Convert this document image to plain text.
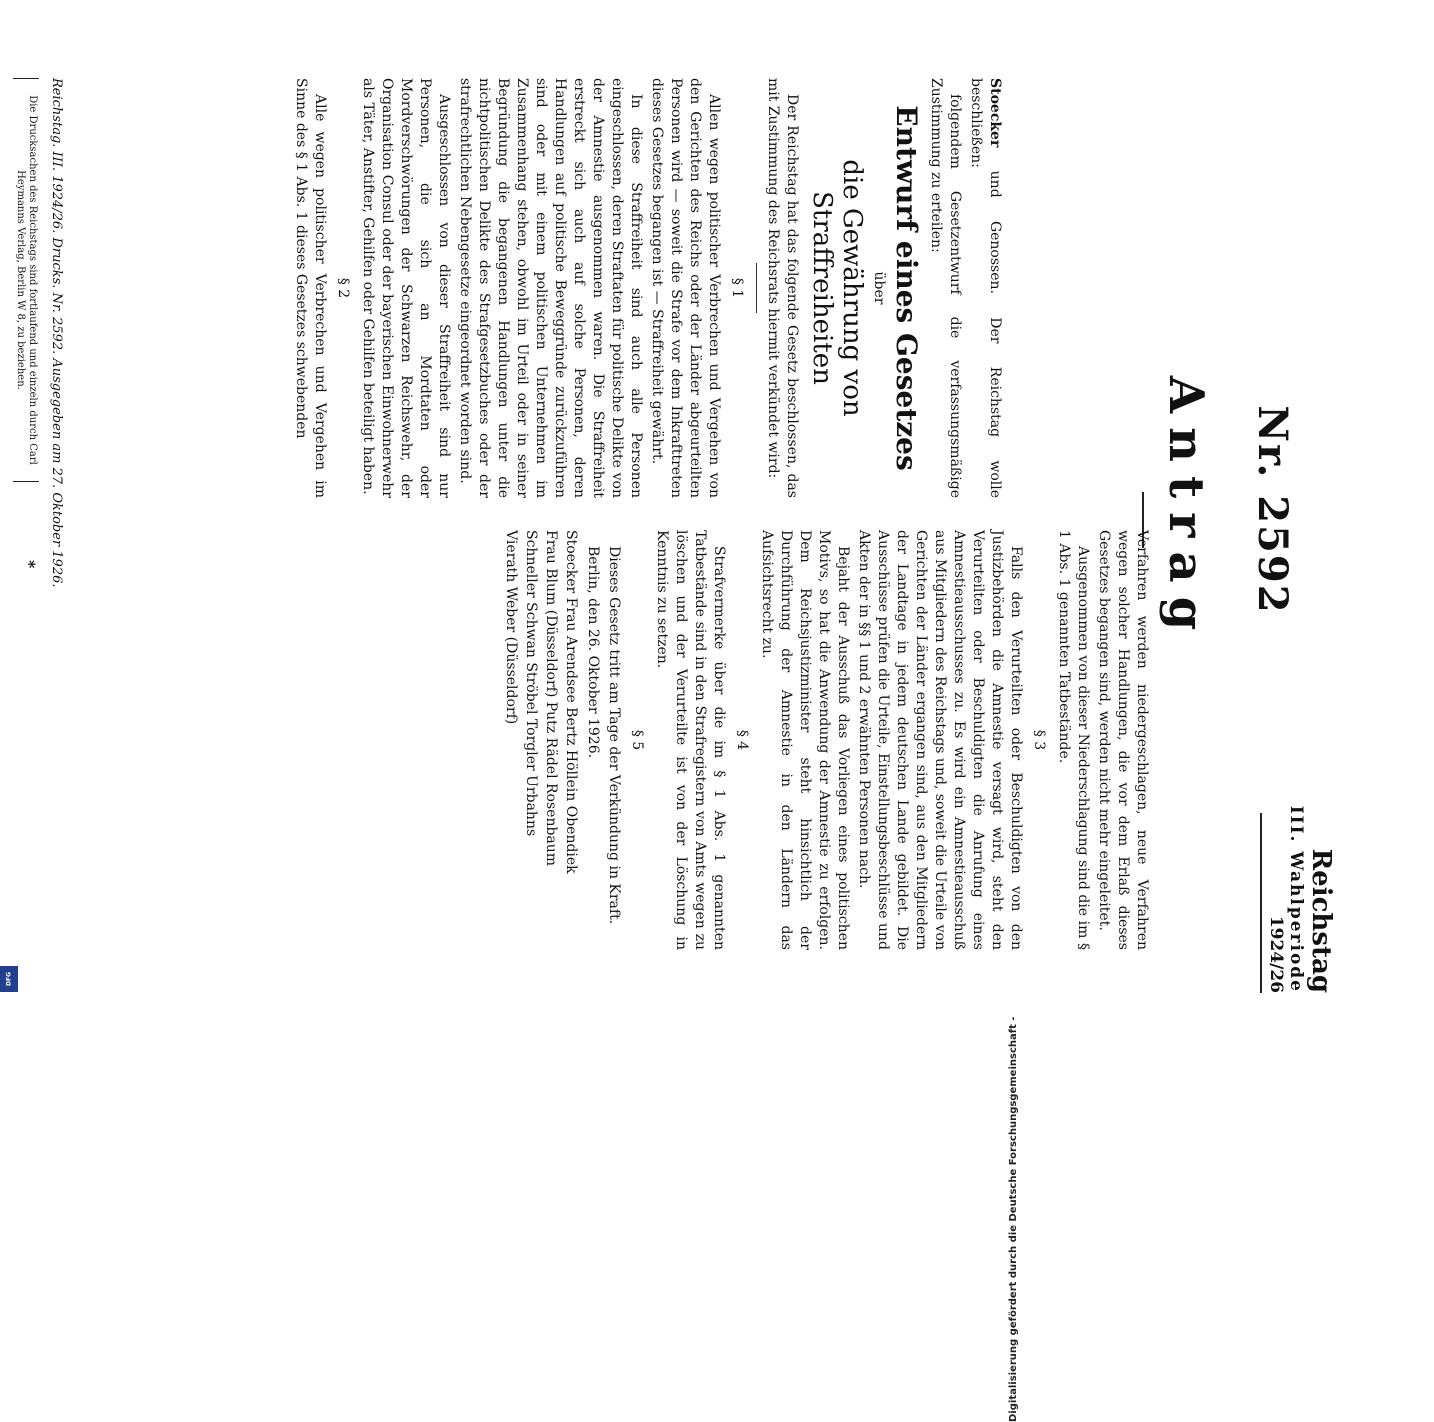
Nr. 2592
Antrag
Reichstag
III. Wahlperiode
1924/26

Stoecker und Genossen. Der Reichstag wolle beschließen:

folgendem Gesetzentwurf die verfassungsmäßige Zustimmung zu erteilen:

Entwurf eines Gesetzes
über
die Gewährung von Straffreiheiten

Der Reichstag hat das folgende Gesetz beschlossen, das mit Zustimmung des Reichsrats hiermit verkündet wird:

§ 1

Allen wegen politischer Verbrechen und Vergehen von den Gerichten des Reichs oder der Länder abgeurteilten Personen wird — soweit die Strafe vor dem Inkrafttreten dieses Gesetzes begangen ist — Straffreiheit gewährt.

In diese Straffreiheit sind auch alle Personen eingeschlossen, deren Straftaten für politische Delikte von der Amnestie ausgenommen waren. Die Straffreiheit erstreckt sich auch auf solche Personen, deren Handlungen auf politische Beweggründe zurückzuführen sind oder mit einem politischen Unternehmen im Zusammenhang stehen, obwohl im Urteil oder in seiner Begründung die begangenen Handlungen unter die nichtpolitischen Delikte des Strafgesetzbuches oder der strafrechtlichen Nebengesetze eingeordnet worden sind.

Ausgeschlossen von dieser Straffreiheit sind nur Personen, die sich an Mordtaten oder Mordverschwörungen der Schwarzen Reichswehr, der Organisation Consul oder der bayerischen Einwohnerwehr als Täter, Anstifter, Gehilfen oder Gehilfen beteiligt haben.

§ 2

Alle wegen politischer Verbrechen und Vergehen im Sinne des § 1 Abs. 1 dieses Gesetzes schwebenden

Verfahren werden niedergeschlagen, neue Verfahren wegen solcher Handlungen, die vor dem Erlaß dieses Gesetzes begangen sind, werden nicht mehr eingeleitet.

Ausgenommen von dieser Niederschlagung sind die im § 1 Abs. 1 genannten Tatbestände.

§ 3

Falls den Verurteilten oder Beschuldigten von den Justizbehörden die Amnestie versagt wird, steht den Verurteilten oder Beschuldigten die Anrufung eines Amnestieausschusses zu. Es wird ein Amnestieausschuß aus Mitgliedern des Reichstags und, soweit die Urteile von Gerichten der Länder ergangen sind, aus den Mitgliedern der Landtage in jedem deutschen Lande gebildet. Die Ausschüsse prüfen die Urteile, Einstellungsbeschlüsse und Akten der in §§ 1 und 2 erwähnten Personen nach.

Bejaht der Ausschuß das Vorliegen eines politischen Motivs, so hat die Anwendung der Amnestie zu erfolgen. Dem Reichsjustizminister steht hinsichtlich der Durchführung der Amnestie in den Ländern das Aufsichtsrecht zu.

§ 4

Strafvermerke über die im § 1 Abs. 1 genannten Tatbestände sind in den Strafregistern von Amts wegen zu löschen und der Verurteilte ist von der Löschung in Kenntnis zu setzen.

§ 5

Dieses Gesetz tritt am Tage der Verkündung in Kraft.

Berlin, den 26. Oktober 1926.

Stoecker Frau Arendsee Bertz Höllein Obendiek
Frau Blum (Düsseldorf) Putz Rädel Rosenbaum
Schneller Schwan Ströbel Torgler Urbahns
Vierath Weber (Düsseldorf)
Reichstag. III. 1924/26. Drucks. Nr. 2592. Ausgegeben am 27. Oktober 1926.
Die Drucksachen des Reichstags sind fortlaufend und einzeln durch Carl Heymanns Verlag, Berlin W 8, zu beziehen.
*
Digitalisierung gefördert durch die Deutsche Forschungsgemeinschaft -
DFG
